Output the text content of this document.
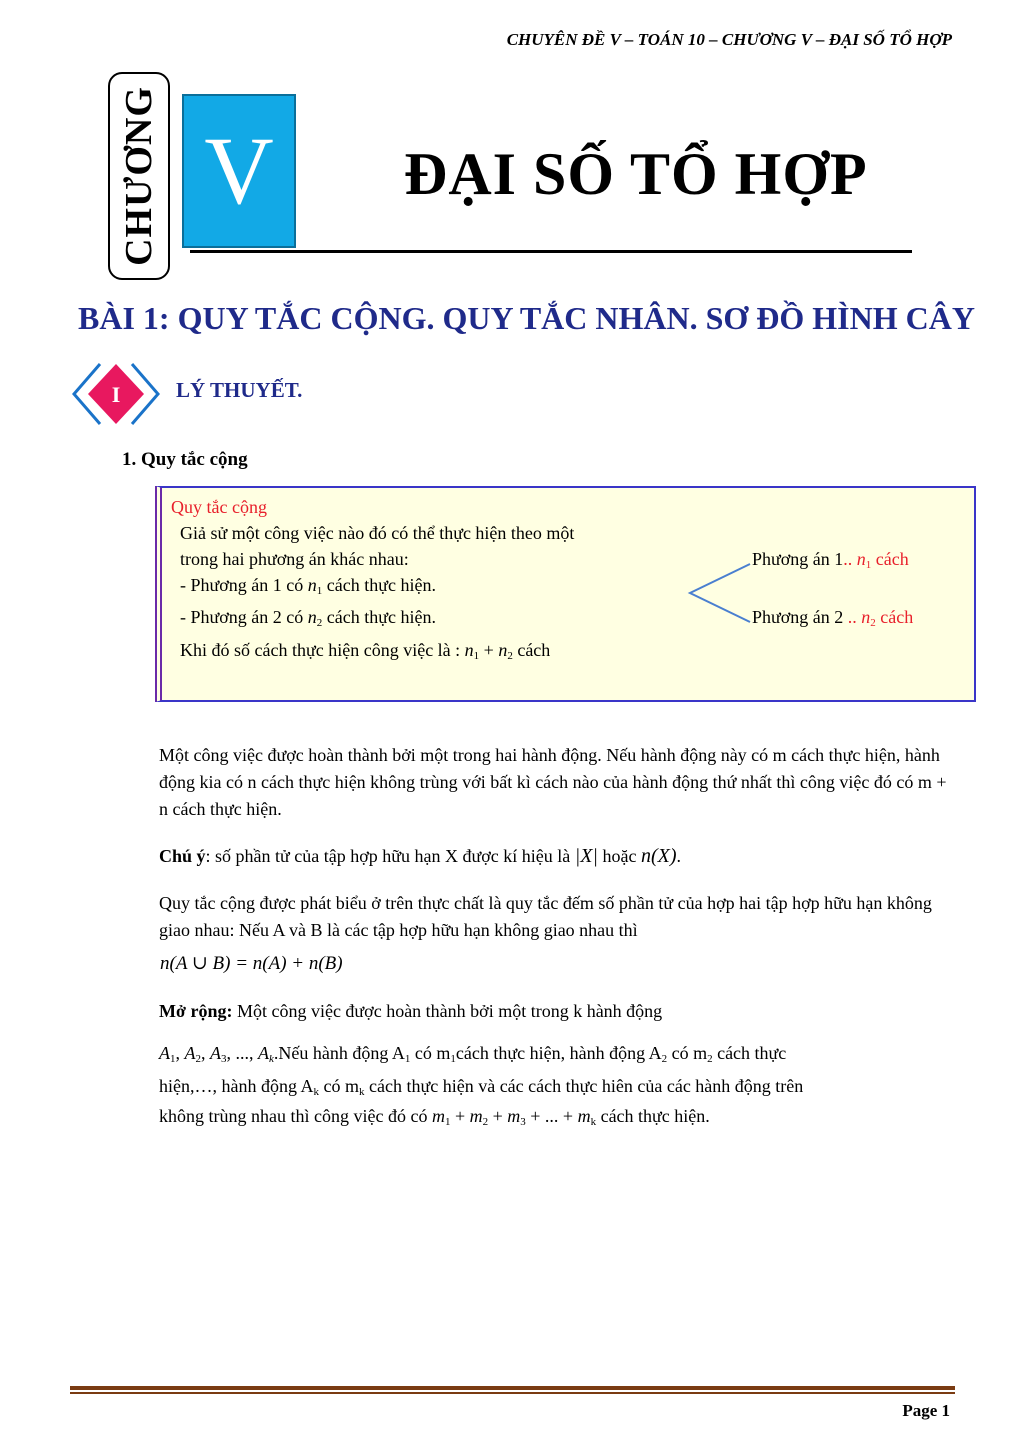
CHUYÊN ĐỀ V – TOÁN 10 – CHƯƠNG V – ĐẠI SỐ TỔ HỢP
CHƯƠNG V	ĐẠI SỐ TỔ HỢP
BÀI 1: QUY TẮC CỘNG. QUY TẮC NHÂN. SƠ ĐỒ HÌNH CÂY
I	LÝ THUYẾT.
1. Quy tắc cộng
Quy tắc cộng
Giả sử một công việc nào đó có thể thực hiện theo một
trong hai phương án khác nhau:
- Phương án 1 có $n_1$ cách thực hiện.
- Phương án 2 có $n_2$ cách thực hiện.
Khi đó số cách thực hiện công việc là : $n_1 + n_2$ cách
Phương án 1.. $n_1$ cách
Phương án 2 .. $n_2$ cách
Một công việc được hoàn thành bởi một trong hai hành động. Nếu hành động này có m cách thực hiện, hành động kia có n cách thực hiện không trùng với bất kì cách nào của hành động thứ nhất thì công việc đó có m + n cách thực hiện.
Chú ý: số phần tử của tập hợp hữu hạn X được kí hiệu là |X| hoặc n(X).
Quy tắc cộng được phát biểu ở trên thực chất là quy tắc đếm số phần tử của hợp hai tập hợp hữu hạn không giao nhau: Nếu A và B là các tập hợp hữu hạn không giao nhau thì
n(A ∪ B) = n(A) + n(B)
Mở rộng: Một công việc được hoàn thành bởi một trong k hành động
$A_1$, $A_2$, $A_3$, ..., $A_k.Nếu$ hành động $A_1$ có $m_1cách$ thực hiện, hành động $A_2$ có $m_2$ cách thực
hiện,…, hành động $A_k$ có $m_k$ cách thực hiện và các cách thực hiên của các hành động trên
không trùng nhau thì công việc đó có $m_1 + m_2 + m_3$ + ... + $m_k$ cách thực hiện.
Page 1
